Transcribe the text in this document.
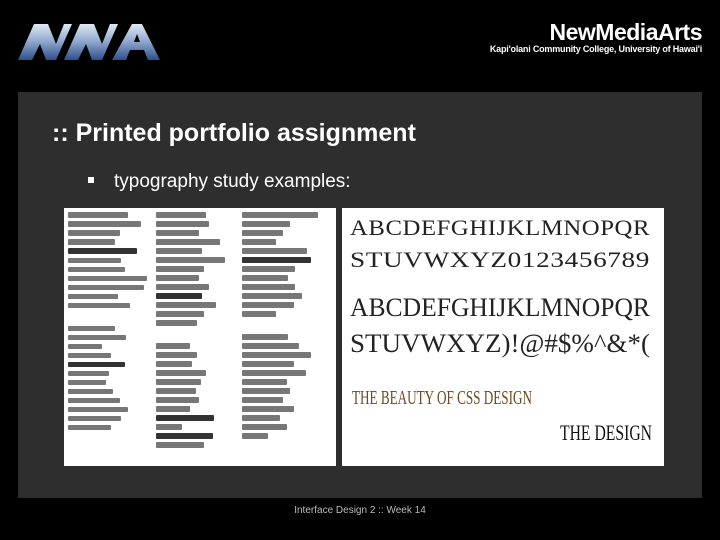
NewMediaArts
Kapi'olani Community College, University of Hawai'i
:: Printed portfolio assignment
typography study examples:
ABCDEFGHIJKLMNOPQR
STUVWXYZ0123456789
ABCDEFGHIJKLMNOPQR
STUVWXYZ)!@#$%^&*(
THE BEAUTY OF CSS DESIGN
THE DESIGN
Interface Design 2 :: Week 14
